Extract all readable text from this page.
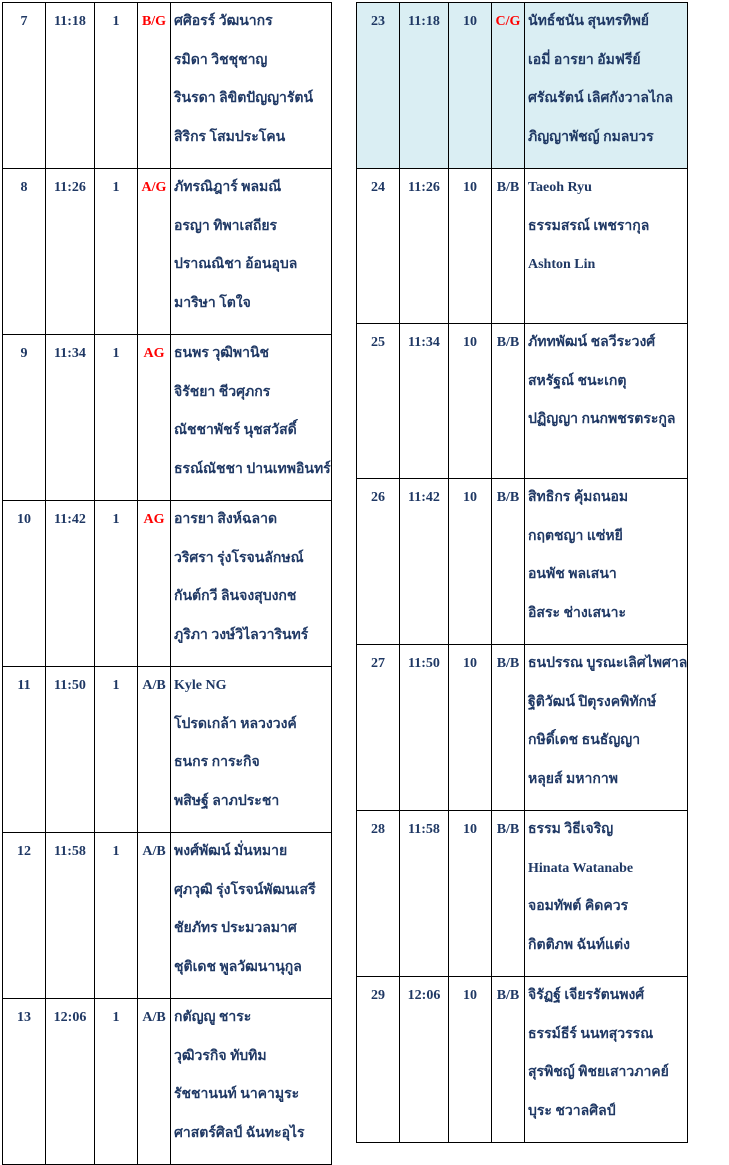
7	11:18	1	B/G	ศศิอรร์ วัฒนากร
รมิดา วิชชุชาญ
รินรดา ลิขิตปัญญารัตน์
สิริกร โสมประโคน

8	11:26	1	A/G	ภัทรณิฎาร์ พลมณี
อรญา ทิพาเสถียร
ปราณณิชา อ้อนอุบล
มาริษา โตใจ

9	11:34	1	AG	ธนพร วุฒิพานิช
จิรัชยา ชีวศุภกร
ณัชชาพัชร์ นุชสวัสดิ์
ธรณ์ณัชชา ปานเทพอินทร์

10	11:42	1	AG	อารยา สิงห์ฉลาด
วริศรา รุ่งโรจนลักษณ์
กันต์กวี ลินจงสุบงกช
ภูริภา วงษ์วิไลวารินทร์

11	11:50	1	A/B	Kyle NG
โปรดเกล้า หลวงวงค์
ธนกร การะกิจ
พสิษฐ์ ลาภประชา

12	11:58	1	A/B	พงศ์พัฒน์ มั่นหมาย
ศุภวุฒิ รุ่งโรจน์พัฒนเสรี
ชัยภัทร ประมวลมาศ
ชุติเดช พูลวัฒนานุกูล

13	12:06	1	A/B	กตัญญู ชาระ
วุฒิวรกิจ ทับทิม
รัชชานนท์ นาคามูระ
ศาสตร์ศิลป์ ฉันทะอุไร
23	11:18	10	C/G	นัทธ์ชนัน สุนทรทิพย์
เอมี่ อารยา อัมฟรีย์
ศรัณรัตน์ เลิศกังวาลไกล
ภิญญาพัชญ์ กมลบวร

24	11:26	10	B/B	Taeoh Ryu
ธรรมสรณ์ เพชรากุล
Ashton Lin

25	11:34	10	B/B	ภัททพัฒน์ ชลวีระวงศ์
สหรัฐณ์ ชนะเกตุ
ปฏิญญา กนกพชรตระกูล

26	11:42	10	B/B	สิทธิกร คุ้มถนอม
กฤตชญา แซ่หยี
อนพัช พลเสนา
อิสระ ช่างเสนาะ

27	11:50	10	B/B	ธนปรรณ บูรณะเลิศไพศาล
ฐิติวัฒน์ ปิตุรงคพิทักษ์
กษิดิ์เดช ธนธัญญา
หลุยส์ มหากาพ

28	11:58	10	B/B	ธรรม วิธีเจริญ
Hinata Watanabe
จอมทัพต์ คิดควร
กิตติภพ ฉันท์แต่ง

29	12:06	10	B/B	จิรัฏฐ์ เจียรรัตนพงศ์
ธรรม์ธีร์ นนทสุวรรณ
สุรพิชญ์ พิชยเสาวภาคย์
บุระ ชวาลศิลป์
